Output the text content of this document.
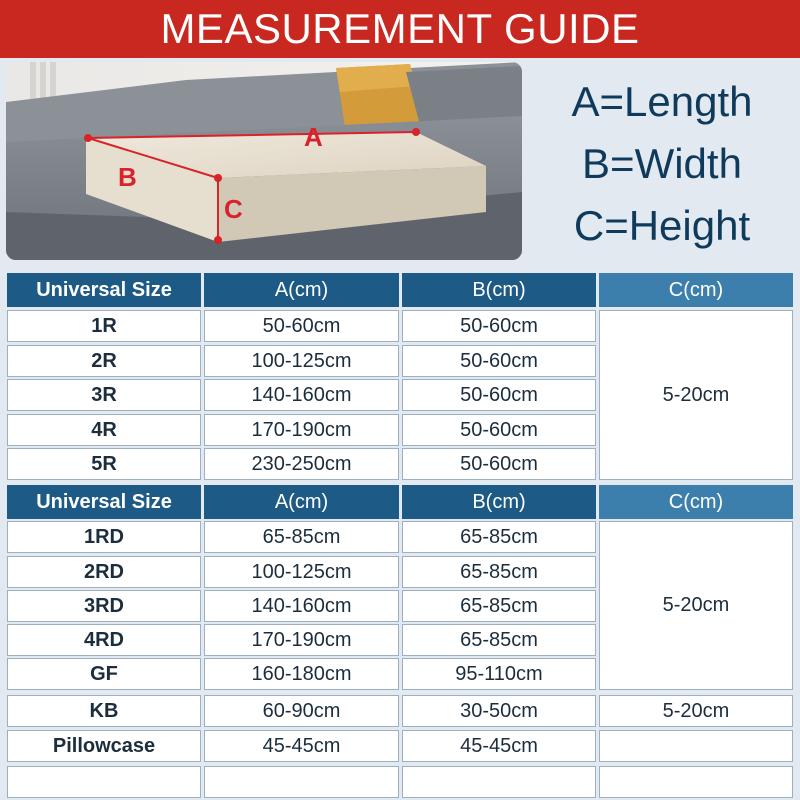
MEASUREMENT GUIDE
A
B
C
A=Length
B=Width
C=Height
Universal Size	A(cm)	B(cm)	C(cm)
1R	50-60cm	50-60cm
2R	100-125cm	50-60cm
3R	140-160cm	50-60cm
4R	170-190cm	50-60cm
5R	230-250cm	50-60cm
5-20cm
Universal Size	A(cm)	B(cm)	C(cm)
1RD	65-85cm	65-85cm
2RD	100-125cm	65-85cm
3RD	140-160cm	65-85cm
4RD	170-190cm	65-85cm
GF	160-180cm	95-110cm
5-20cm
KB	60-90cm	30-50cm	5-20cm
Pillowcase	45-45cm	45-45cm
